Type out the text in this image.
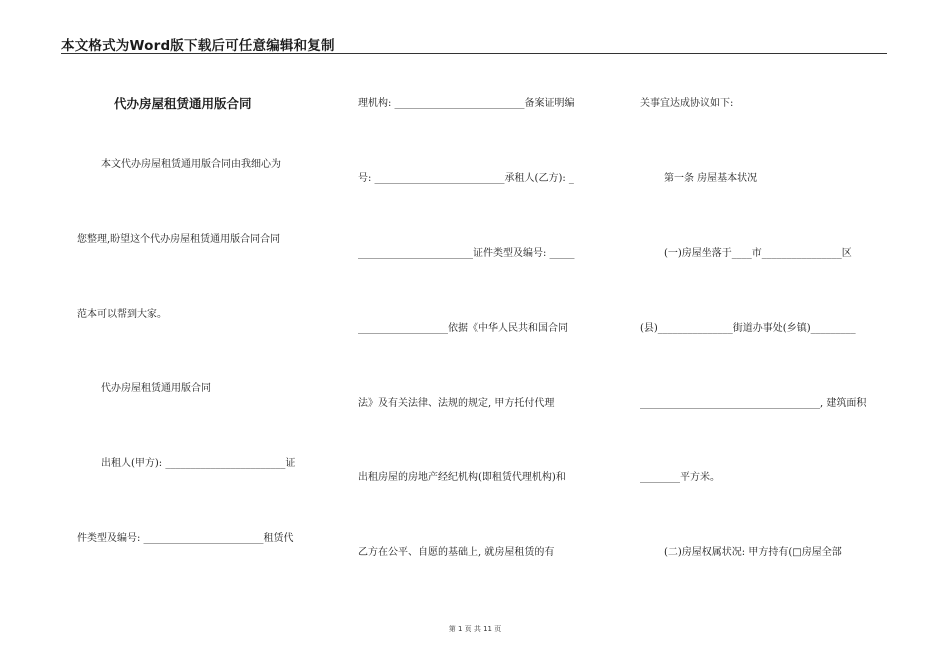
本文格式为Word版下载后可任意编辑和复制
代办房屋租赁通用版合同
本文代办房屋租赁通用版合同由我细心为
您整理,盼望这个代办房屋租赁通用版合同合同
范本可以帮到大家。
代办房屋租赁通用版合同
出租人(甲方): ________________________证
件类型及编号: ________________________租赁代
理机构: __________________________备案证明编
号: __________________________承租人(乙方): _
_______________________证件类型及编号: _____
__________________依据《中华人民共和国合同
法》及有关法律、法规的规定, 甲方托付代理
出租房屋的房地产经纪机构(即租赁代理机构)和
乙方在公平、自愿的基础上, 就房屋租赁的有
关事宜达成协议如下:
第一条 房屋基本状况
(一)房屋坐落于____市________________区
(县)_______________街道办事处(乡镇)_________
____________________________________, 建筑面积
________平方米。
(二)房屋权属状况: 甲方持有(□房屋全部
第 1 页 共 11 页
